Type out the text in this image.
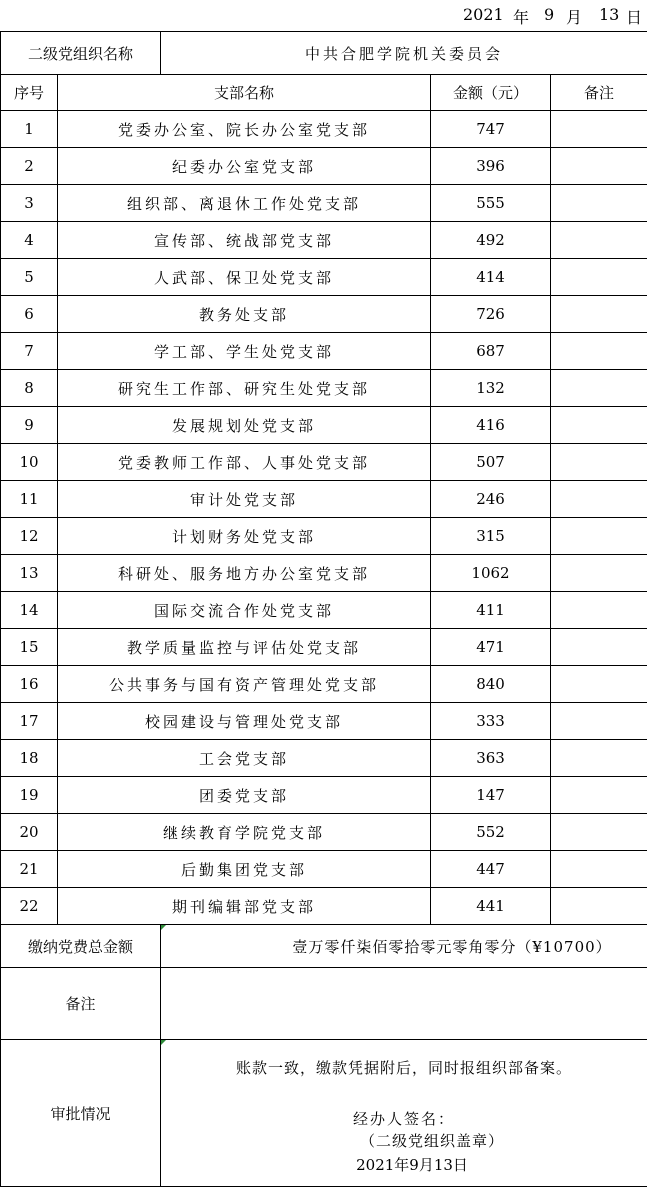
2021 年 9 月 13 日
二级党组织名称		中共合肥学院机关委员会		
序号	支部名称		金额（元）	备注
1	党委办公室、院长办公室党支部		747	
2	纪委办公室党支部		396	
3	组织部、离退休工作处党支部		555	
4	宣传部、统战部党支部		492	
5	人武部、保卫处党支部		414	
6	教务处支部		726	
7	学工部、学生处党支部		687	
8	研究生工作部、研究生处党支部		132	
9	发展规划处党支部		416	
10	党委教师工作部、人事处党支部		507	
11	审计处党支部		246	
12	计划财务处党支部		315	
13	科研处、服务地方办公室党支部		1062	
14	国际交流合作处党支部		411	
15	教学质量监控与评估处党支部		471	
16	公共事务与国有资产管理处党支部		840	
17	校园建设与管理处党支部		333	
18	工会党支部		363	
19	团委党支部		147	
20	继续教育学院党支部		552	
21	后勤集团党支部		447	
22	期刊编辑部党支部		441	
缴纳党费总金额		壹万零仟柒佰零拾零元零角零分（¥10700）		
备注				
审批情况		账款一致，缴款凭据附后，同时报组织部备案。
经办人签名：
（二级党组织盖章）
2021年9月13日		
